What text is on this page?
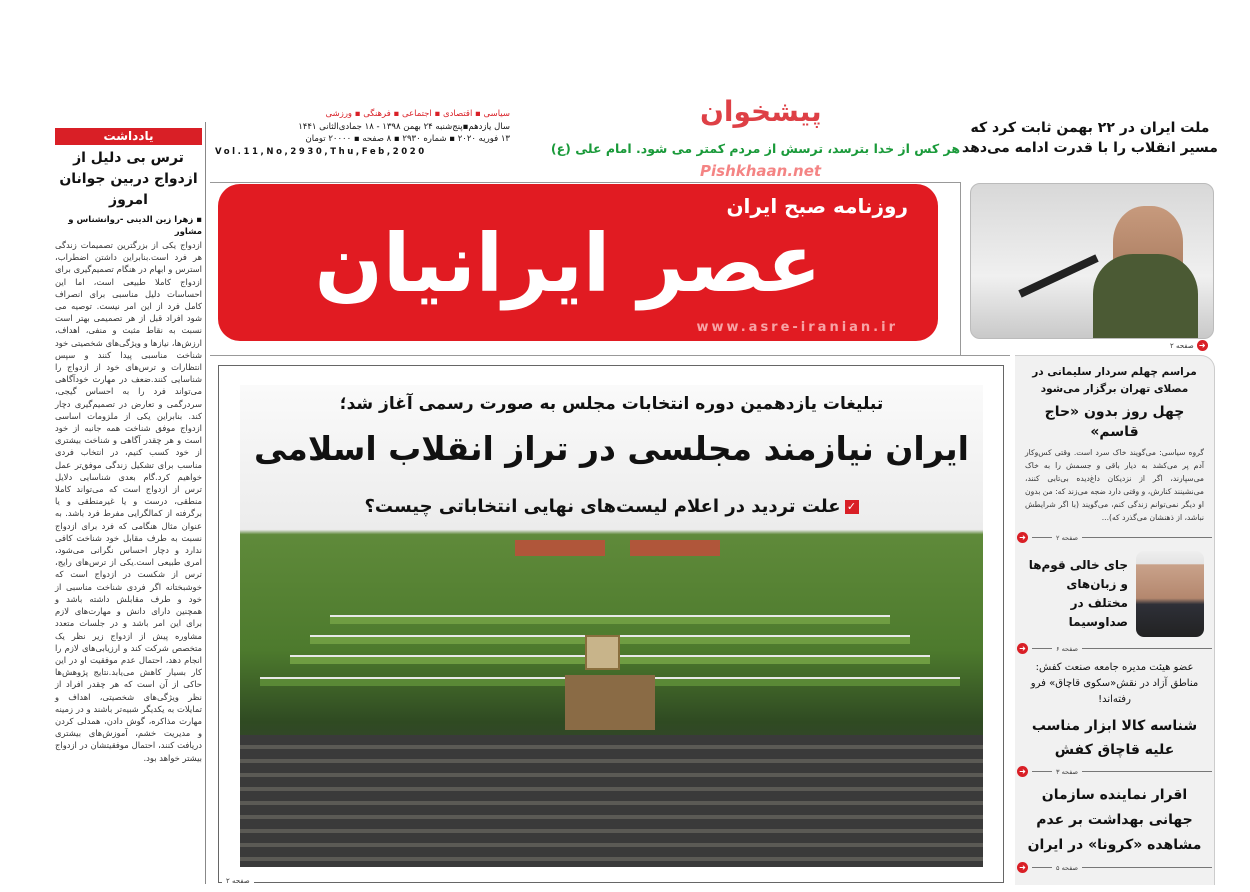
یادداشت
ترس بی دلیل از ازدواج دربین جوانان امروز
▪ زهرا زین الدینی -روانشناس و مشاور
ازدواج یکی از بزرگترین تصمیمات زندگی هر فرد است.بنابراین داشتن اضطراب، استرس و ابهام در هنگام تصمیم‌گیری برای ازدواج کاملا طبیعی است، اما این احساسات دلیل مناسبی برای انصراف کامل فرد از این امر نیست. توصیه می شود افراد قبل از هر تصمیمی بهتر است نسبت به نقاط مثبت و منفی، اهداف، ارزش‌ها، نیازها و ویژگی‌های شخصیتی خود شناخت مناسبی پیدا کنند و سپس انتظارات و ترس‌های خود از ازدواج را شناسایی کنند.ضعف در مهارت خودآگاهی می‌تواند فرد را به احساس گیجی، سردرگمی و تعارض در تصمیم‌گیری دچار کند. بنابراین یکی از ملزومات اساسی ازدواج موفق شناخت همه جانبه از خود است و هر چقدر آگاهی و شناخت بیشتری از خود کسب کنیم، در انتخاب فردی مناسب برای تشکیل زندگی موفق‌تر عمل خواهیم کرد.گام بعدی شناسایی دلایل ترس از ازدواج است که می‌تواند کاملا منطقی، درست و یا غیرمنطقی و یا برگرفته از کمالگرایی مفرط فرد باشد. به عنوان مثال هنگامی که فرد برای ازدواج نسبت به طرف مقابل خود شناخت کافی ندارد و دچار احساس نگرانی می‌شود، امری طبیعی است.یکی از ترس‌های رایج، ترس از شکست در ازدواج است که خوشبختانه اگر فردی شناخت مناسبی از خود و طرف مقابلش داشته باشد و همچنین دارای دانش و مهارت‌های لازم برای این امر باشد و در جلسات متعدد مشاوره پیش از ازدواج زیر نظر یک متخصص شرکت کند و ارزیابی‌های لازم را انجام دهد، احتمال عدم موفقیت او در این کار بسیار کاهش می‌یابد.نتایج پژوهش‌ها حاکی از آن است که هر چقدر افراد از نظر ویژگی‌های شخصیتی، اهداف و تمایلات به یکدیگر شبیه‌تر باشند و در زمینه مهارت مذاکره، گوش دادن، همدلی کردن و مدیریت خشم، آموزش‌های بیشتری دریافت کنند، احتمال موفقیتشان در ازدواج بیشتر خواهد بود.
سیاسی ▪ اقتصادی ▪ اجتماعی ▪ فرهنگی ▪ ورزشی
سال یازدهم▪پنج‌شنبه ۲۴ بهمن ۱۳۹۸ - ۱۸ جمادی‌الثانی ۱۴۴۱
۱۳ فوریه ۲۰۲۰ ▪ شماره ۲۹۳۰ ▪ ۸ صفحه ▪ ۲۰۰۰۰ تومان
Vol.11,No,2930,Thu,Feb,2020	هر کس از خدا بترسد، ترسش از مردم کمتر می شود. امام علی (ع)
پیشخوان
روزنامه صبح ایران
عصر ایرانیان
www.asre-iranian.ir
Pishkhaan.net
ملت ایران در ۲۲ بهمن ثابت کرد که مسیر انقلاب را با قدرت ادامه می‌دهد
➜
صفحه ۲
تبلیغات یازدهمین دوره انتخابات مجلس به صورت رسمی آغاز شد؛
ایران نیازمند مجلسی در تراز انقلاب اسلامی
✓علت تردید در اعلام لیست‌های نهایی انتخاباتی چیست؟
صفحه ۲
مراسم چهلم سردار سلیمانی در مصلای تهران برگزار می‌شود
چهل روز بدون «حاج قاسم»
گروه سیاسی: می‌گویند خاک سرد است. وقتی کس‌وکار آدم پر می‌کشد به دیار باقی و جسمش را به خاک می‌سپارند، اگر از نزدیکان داغ‌دیده بی‌تابی کنند، می‌نشینند کنارش، و وقتی دارد ضجه می‌زند که: من بدون او دیگر نمی‌توانم زندگی کنم، می‌گویند (با اگر شرایطش نباشد، از ذهنشان می‌گذرد که)...
➜	صفحه ۲
جای خالی قوم‌ها و زبان‌های مختلف در صداوسیما
➜	صفحه ۶
عضو هیئت مدیره جامعه صنعت کفش: مناطق آزاد در نقش«سکوی قاچاق» فرو رفته‌اند!
شناسه کالا ابزار مناسب علیه قاچاق کفش
➜	صفحه ۳
اقرار نماینده سازمان جهانی بهداشت بر عدم مشاهده «کرونا» در ایران
➜	صفحه ۵
